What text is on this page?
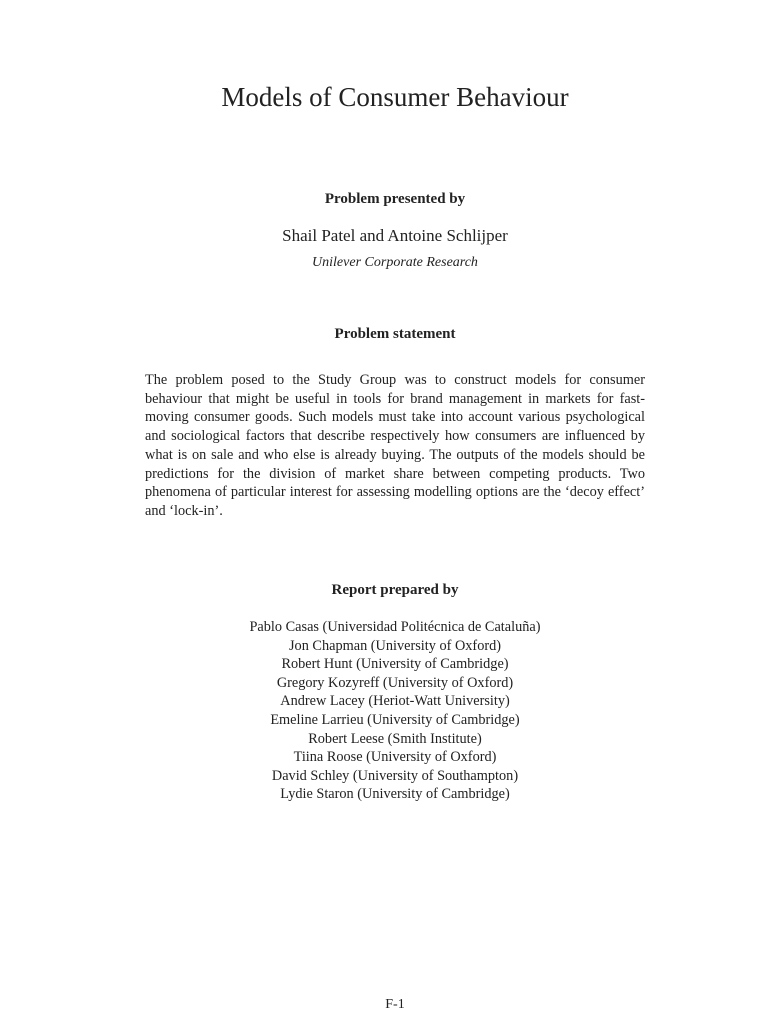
Models of Consumer Behaviour
Problem presented by

Shail Patel and Antoine Schlijper

Unilever Corporate Research

Problem statement

The problem posed to the Study Group was to construct models for consumer behaviour that might be useful in tools for brand management in markets for fast-moving consumer goods. Such models must take into account various psychological and sociological factors that describe respectively how consumers are influenced by what is on sale and who else is already buying. The outputs of the models should be predictions for the division of market share between competing products. Two phenomena of particular interest for assessing modelling options are the ‘decoy effect’ and ‘lock-in’.

Report prepared by
Pablo Casas (Universidad Politécnica de Cataluña)
Jon Chapman (University of Oxford)
Robert Hunt (University of Cambridge)
Gregory Kozyreff (University of Oxford)
Andrew Lacey (Heriot-Watt University)
Emeline Larrieu (University of Cambridge)
Robert Leese (Smith Institute)
Tiina Roose (University of Oxford)
David Schley (University of Southampton)
Lydie Staron (University of Cambridge)

F-1
